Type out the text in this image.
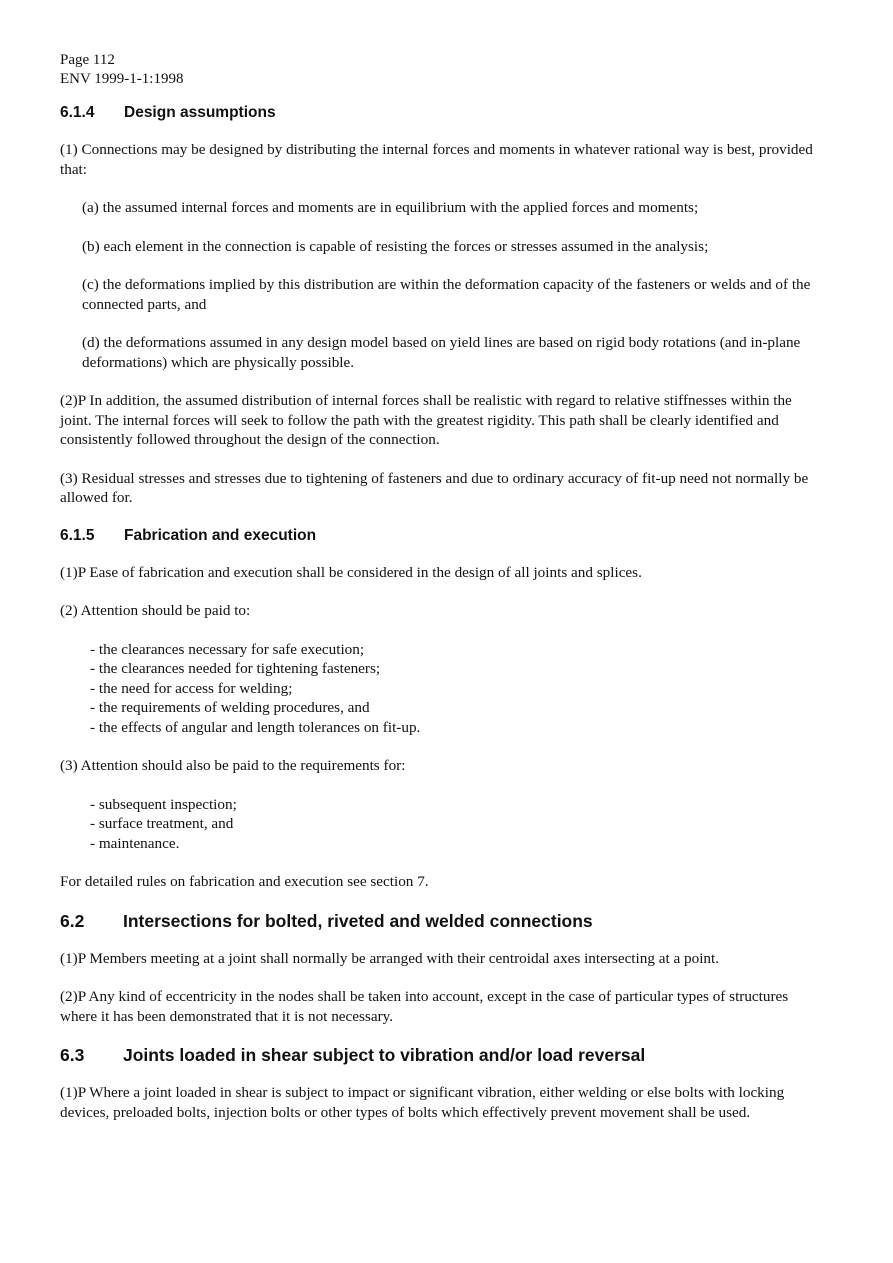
Page 112
ENV 1999-1-1:1998
6.1.4	Design assumptions

(1) Connections may be designed by distributing the internal forces and moments in whatever rational way is best, provided that:

(a) the assumed internal forces and moments are in equilibrium with the applied forces and moments;

(b) each element in the connection is capable of resisting the forces or stresses assumed in the analysis;

(c) the deformations implied by this distribution are within the deformation capacity of the fasteners or welds and of the connected parts, and

(d) the deformations assumed in any design model based on yield lines are based on rigid body rotations (and in-plane deformations) which are physically possible.

(2)P In addition, the assumed distribution of internal forces shall be realistic with regard to relative stiffnesses within the joint. The internal forces will seek to follow the path with the greatest rigidity. This path shall be clearly identified and consistently followed throughout the design of the connection.

(3) Residual stresses and stresses due to tightening of fasteners and due to ordinary accuracy of fit-up need not normally be allowed for.

6.1.5	Fabrication and execution

(1)P Ease of fabrication and execution shall be considered in the design of all joints and splices.

(2) Attention should be paid to:

- the clearances necessary for safe execution;
- the clearances needed for tightening fasteners;
- the need for access for welding;
- the requirements of welding procedures, and
- the effects of angular and length tolerances on fit-up.

(3) Attention should also be paid to the requirements for:

- subsequent inspection;
- surface treatment, and
- maintenance.

For detailed rules on fabrication and execution see section 7.

6.2	Intersections for bolted, riveted and welded connections

(1)P Members meeting at a joint shall normally be arranged with their centroidal axes intersecting at a point.

(2)P Any kind of eccentricity in the nodes shall be taken into account, except in the case of particular types of structures where it has been demonstrated that it is not necessary.

6.3	Joints loaded in shear subject to vibration and/or load reversal

(1)P Where a joint loaded in shear is subject to impact or significant vibration, either welding or else bolts with locking devices, preloaded bolts, injection bolts or other types of bolts which effectively prevent movement shall be used.
